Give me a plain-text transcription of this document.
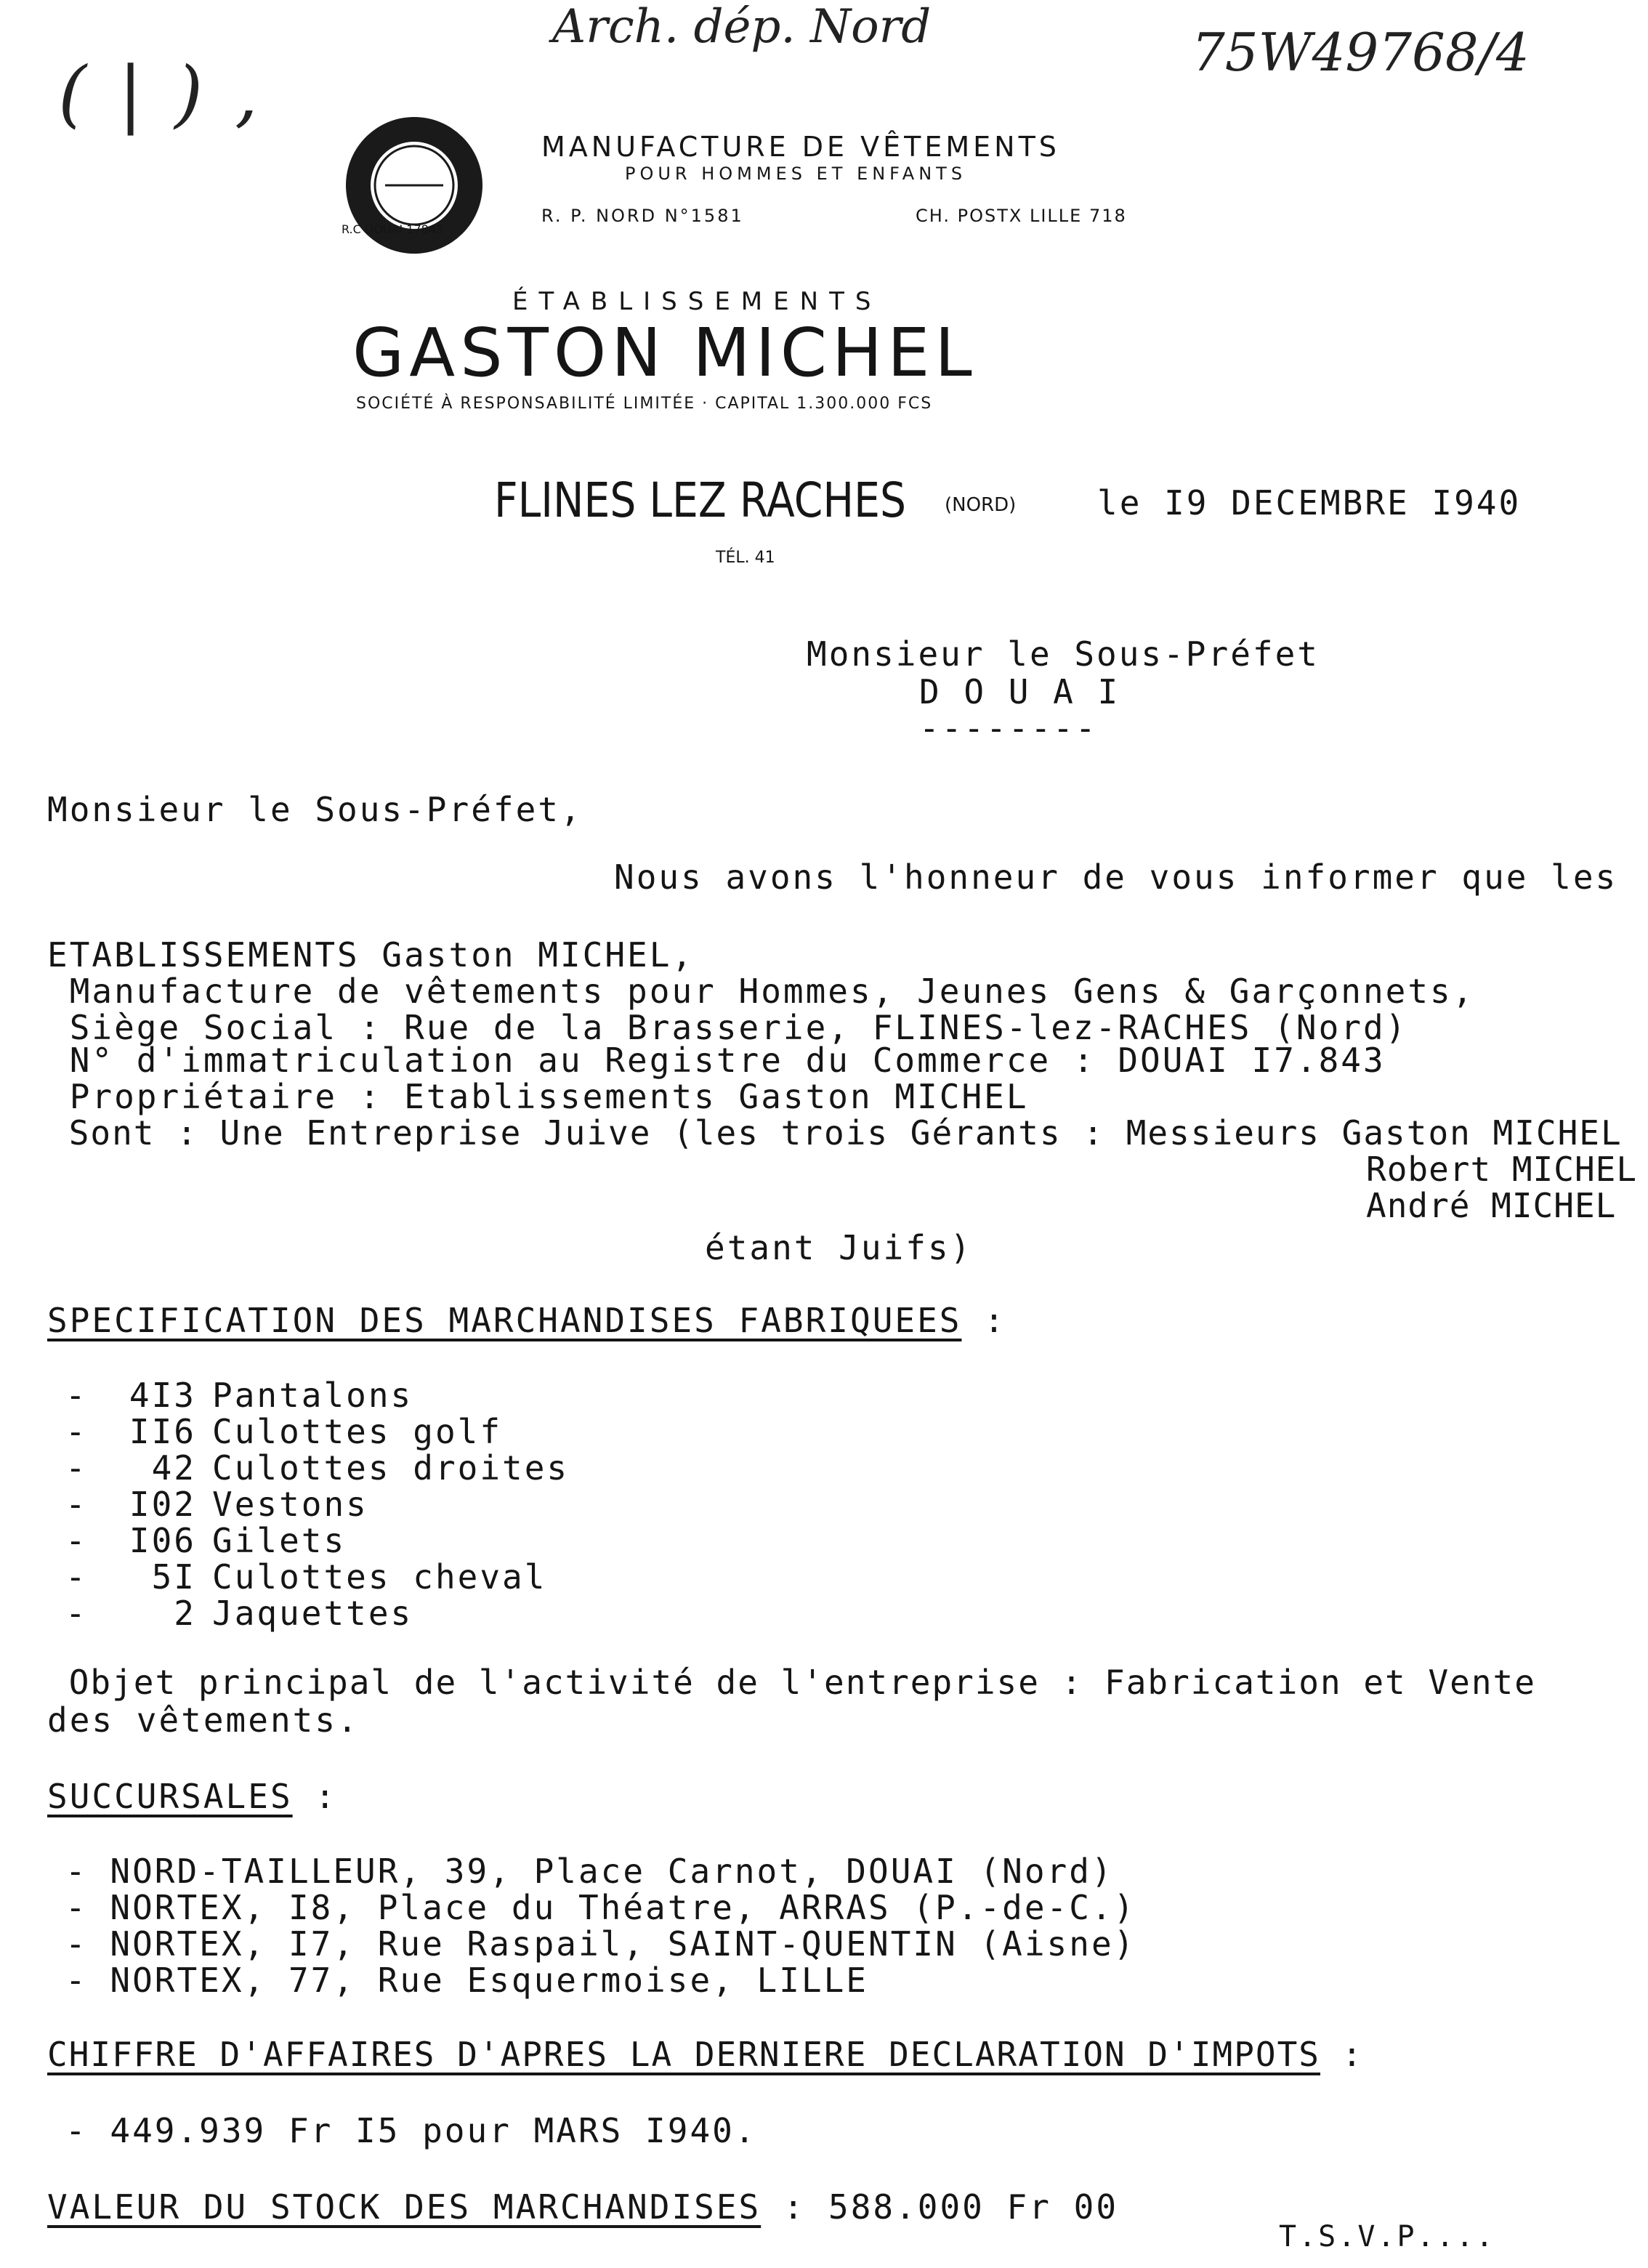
Arch. dép. Nord	75W49768/4
( | ) ,
R.C DOUAI 17843
MANUFACTURE DE VÊTEMENTS
POUR HOMMES ET ENFANTS
R. P. NORD N°1581	CH. POSTX LILLE 718
ÉTABLISSEMENTS
GASTON MICHEL
SOCIÉTÉ À RESPONSABILITÉ LIMITÉE · CAPITAL 1.300.000 FCS
FLINES LEZ RACHES (NORD)
TÉL. 41
le I9 DECEMBRE I940
Monsieur le Sous-Préfet
D O U A I
--------
Monsieur le Sous-Préfet,
Nous avons l'honneur de vous informer que les
ETABLISSEMENTS Gaston MICHEL,
Manufacture de vêtements pour Hommes, Jeunes Gens & Garçonnets,
Siège Social : Rue de la Brasserie, FLINES-lez-RACHES (Nord)
N° d'immatriculation au Registre du Commerce : DOUAI I7.843
Propriétaire : Etablissements Gaston MICHEL
Sont : Une Entreprise Juive (les trois Gérants : Messieurs Gaston MICHEL
Robert MICHEL
André MICHEL
étant Juifs)
SPECIFICATION DES MARCHANDISES FABRIQUEES :
-	4I3 Pantalons
-	II6 Culottes golf
-	42 Culottes droites
-	I02 Vestons
-	I06 Gilets
-	5I Culottes cheval
-	2 Jaquettes
Objet principal de l'activité de l'entreprise : Fabrication et Vente
des vêtements.
SUCCURSALES :
- NORD-TAILLEUR, 39, Place Carnot, DOUAI (Nord)
- NORTEX, I8, Place du Théatre, ARRAS (P.-de-C.)
- NORTEX, I7, Rue Raspail, SAINT-QUENTIN (Aisne)
- NORTEX, 77, Rue Esquermoise, LILLE
CHIFFRE D'AFFAIRES D'APRES LA DERNIERE DECLARATION D'IMPOTS :
- 449.939 Fr I5 pour MARS I940.
VALEUR DU STOCK DES MARCHANDISES : 588.000 Fr 00
T.S.V.P....
